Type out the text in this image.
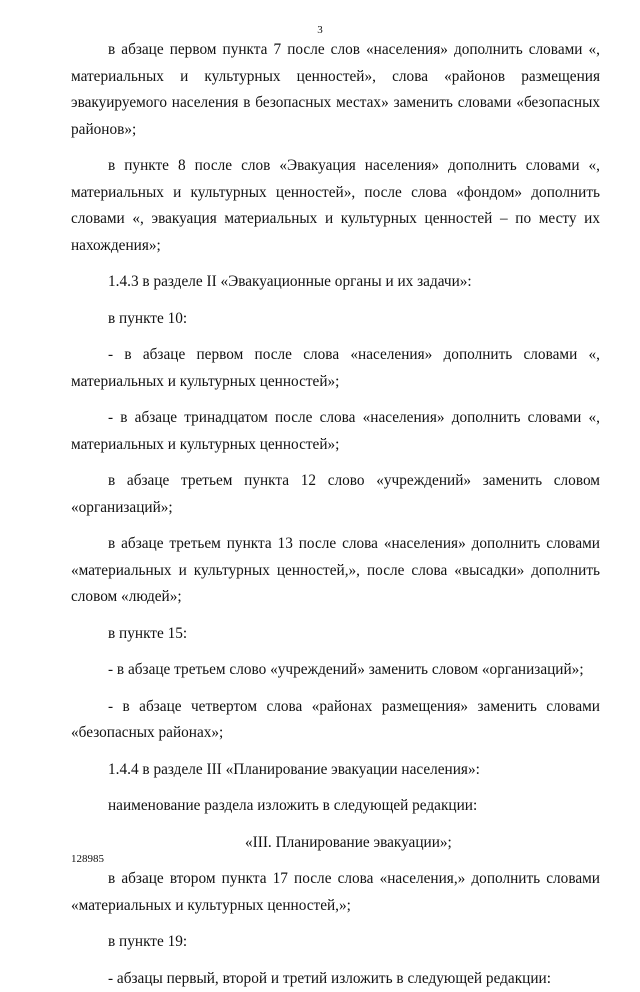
3

в абзаце первом пункта 7 после слов «населения» дополнить словами «, материальных и культурных ценностей», слова «районов размещения эвакуируемого населения в безопасных местах» заменить словами «безопасных районов»;

в пункте 8 после слов «Эвакуация населения» дополнить словами «, материальных и культурных ценностей», после слова «фондом» дополнить словами «, эвакуация материальных и культурных ценностей – по месту их нахождения»;

1.4.3 в разделе II «Эвакуационные органы и их задачи»:

в пункте 10:

- в абзаце первом после слова «населения» дополнить словами «, материальных и культурных ценностей»;

- в абзаце тринадцатом после слова «населения» дополнить словами «, материальных и культурных ценностей»;

в абзаце третьем пункта 12 слово «учреждений» заменить словом «организаций»;

в абзаце третьем пункта 13 после слова «населения» дополнить словами «материальных и культурных ценностей,», после слова «высадки» дополнить словом «людей»;

в пункте 15:

- в абзаце третьем слово «учреждений» заменить словом «организаций»;

- в абзаце четвертом слова «районах размещения» заменить словами «безопасных районах»;

1.4.4 в разделе III «Планирование эвакуации населения»:

наименование раздела изложить в следующей редакции:

«III. Планирование эвакуации»;

в абзаце втором пункта 17 после слова «населения,» дополнить словами «материальных и культурных ценностей,»;

в пункте 19:

- абзацы первый, второй и третий изложить в следующей редакции:

128985
